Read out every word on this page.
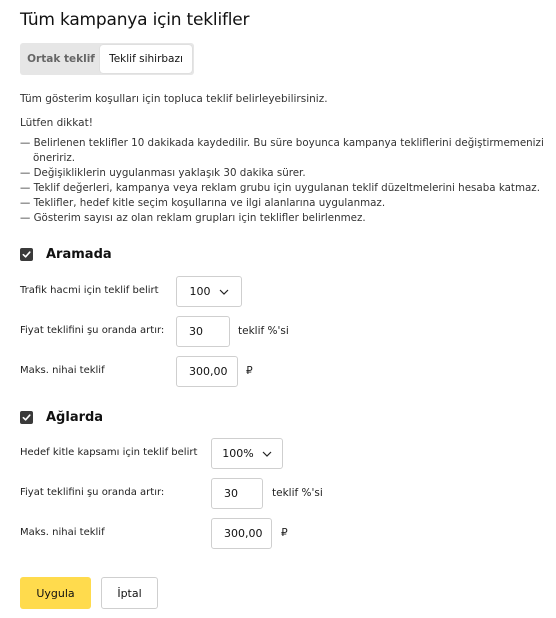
Tüm kampanya için teklifler
Ortak teklif	Teklif sihirbazı
Tüm gösterim koşulları için topluca teklif belirleyebilirsiniz.
Lütfen dikkat!
— Belirlenen teklifler 10 dakikada kaydedilir. Bu süre boyunca kampanya tekliflerini değiştirmemenizi öneririz.
— Değişikliklerin uygulanması yaklaşık 30 dakika sürer.
— Teklif değerleri, kampanya veya reklam grubu için uygulanan teklif düzeltmelerini hesaba katmaz.
— Teklifler, hedef kitle seçim koşullarına ve ilgi alanlarına uygulanmaz.
— Gösterim sayısı az olan reklam grupları için teklifler belirlenmez.
Aramada
Trafik hacmi için teklif belirt	100
Fiyat teklifini şu oranda artır: 30	teklif %'si
Maks. nihai teklif	300,00 ₽
Ağlarda
Hedef kitle kapsamı için teklif belirt 100%
Fiyat teklifini şu oranda artır:	30	teklif %'si
Maks. nihai teklif	300,00 ₽
Uygula	İptal
